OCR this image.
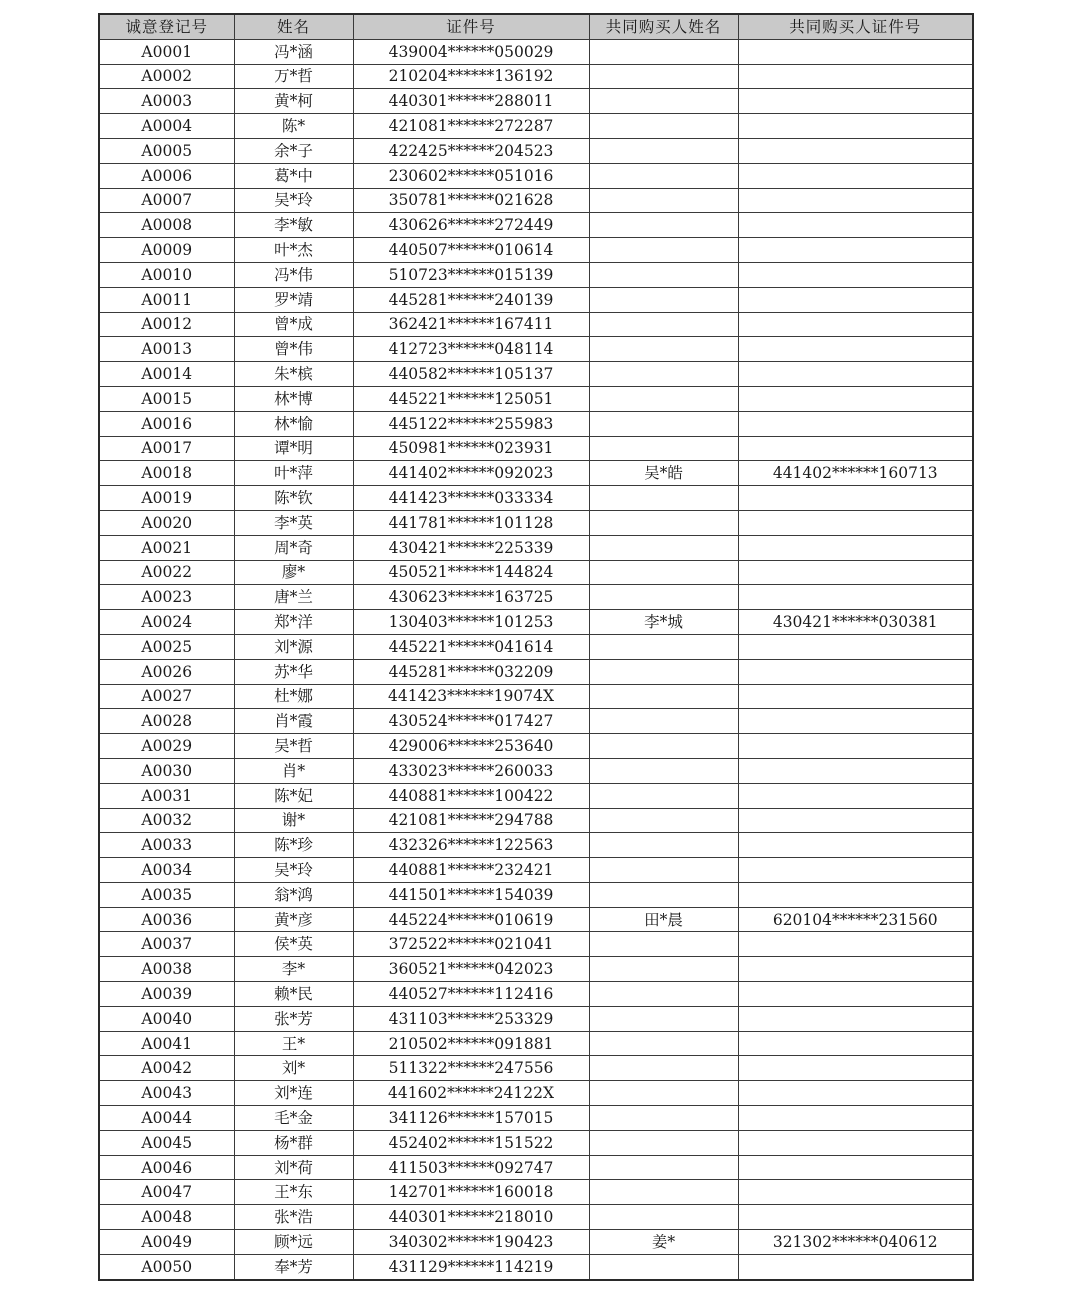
诚意登记号	姓名	证件号	共同购买人姓名	共同购买人证件号
A0001	冯*涵	439004******050029		
A0002	万*哲	210204******136192		
A0003	黄*柯	440301******288011		
A0004	陈*	421081******272287		
A0005	余*子	422425******204523		
A0006	葛*中	230602******051016		
A0007	吴*玲	350781******021628		
A0008	李*敏	430626******272449		
A0009	叶*杰	440507******010614		
A0010	冯*伟	510723******015139		
A0011	罗*靖	445281******240139		
A0012	曾*成	362421******167411		
A0013	曾*伟	412723******048114		
A0014	朱*槟	440582******105137		
A0015	林*博	445221******125051		
A0016	林*愉	445122******255983		
A0017	谭*明	450981******023931		
A0018	叶*萍	441402******092023	吴*皓	441402******160713
A0019	陈*钦	441423******033334		
A0020	李*英	441781******101128		
A0021	周*奇	430421******225339		
A0022	廖*	450521******144824		
A0023	唐*兰	430623******163725		
A0024	郑*洋	130403******101253	李*城	430421******030381
A0025	刘*源	445221******041614		
A0026	苏*华	445281******032209		
A0027	杜*娜	441423******19074X		
A0028	肖*霞	430524******017427		
A0029	吴*哲	429006******253640		
A0030	肖*	433023******260033		
A0031	陈*妃	440881******100422		
A0032	谢*	421081******294788		
A0033	陈*珍	432326******122563		
A0034	吴*玲	440881******232421		
A0035	翁*鸿	441501******154039		
A0036	黄*彦	445224******010619	田*晨	620104******231560
A0037	侯*英	372522******021041		
A0038	李*	360521******042023		
A0039	赖*民	440527******112416		
A0040	张*芳	431103******253329		
A0041	王*	210502******091881		
A0042	刘*	511322******247556		
A0043	刘*连	441602******24122X		
A0044	毛*金	341126******157015		
A0045	杨*群	452402******151522		
A0046	刘*荷	411503******092747		
A0047	王*东	142701******160018		
A0048	张*浩	440301******218010		
A0049	顾*远	340302******190423	姜*	321302******040612
A0050	奉*芳	431129******114219		
